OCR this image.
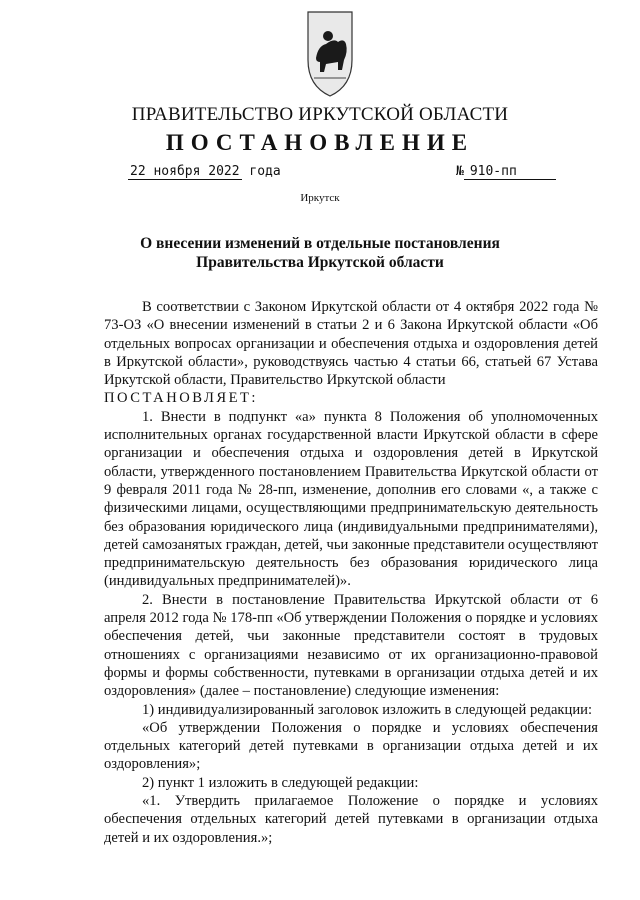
ПРАВИТЕЛЬСТВО ИРКУТСКОЙ ОБЛАСТИ
ПОСТАНОВЛЕНИЕ
22 ноября 2022 года	№ 910-пп
Иркутск
О внесении изменений в отдельные постановления Правительства Иркутской области

В соответствии с Законом Иркутской области от 4 октября 2022 года № 73-ОЗ «О внесении изменений в статьи 2 и 6 Закона Иркутской области «Об отдельных вопросах организации и обеспечения отдыха и оздоровления детей в Иркутской области», руководствуясь частью 4 статьи 66, статьей 67 Устава Иркутской области, Правительство Иркутской области

ПОСТАНОВЛЯЕТ:

1. Внести в подпункт «а» пункта 8 Положения об уполномоченных исполнительных органах государственной власти Иркутской области в сфере организации и обеспечения отдыха и оздоровления детей в Иркутской области, утвержденного постановлением Правительства Иркутской области от 9 февраля 2011 года № 28-пп, изменение, дополнив его словами «, а также с физическими лицами, осуществляющими предпринимательскую деятельность без образования юридического лица (индивидуальными предпринимателями), детей самозанятых граждан, детей, чьи законные представители осуществляют предпринимательскую деятельность без образования юридического лица (индивидуальных предпринимателей)».

2. Внести в постановление Правительства Иркутской области от 6 апреля 2012 года № 178-пп «Об утверждении Положения о порядке и условиях обеспечения детей, чьи законные представители состоят в трудовых отношениях с организациями независимо от их организационно-правовой формы и формы собственности, путевками в организации отдыха детей и их оздоровления» (далее – постановление) следующие изменения:

1) индивидуализированный заголовок изложить в следующей редакции:

«Об утверждении Положения о порядке и условиях обеспечения отдельных категорий детей путевками в организации отдыха детей и их оздоровления»;

2) пункт 1 изложить в следующей редакции:

«1. Утвердить прилагаемое Положение о порядке и условиях обеспечения отдельных категорий детей путевками в организации отдыха детей и их оздоровления.»;
